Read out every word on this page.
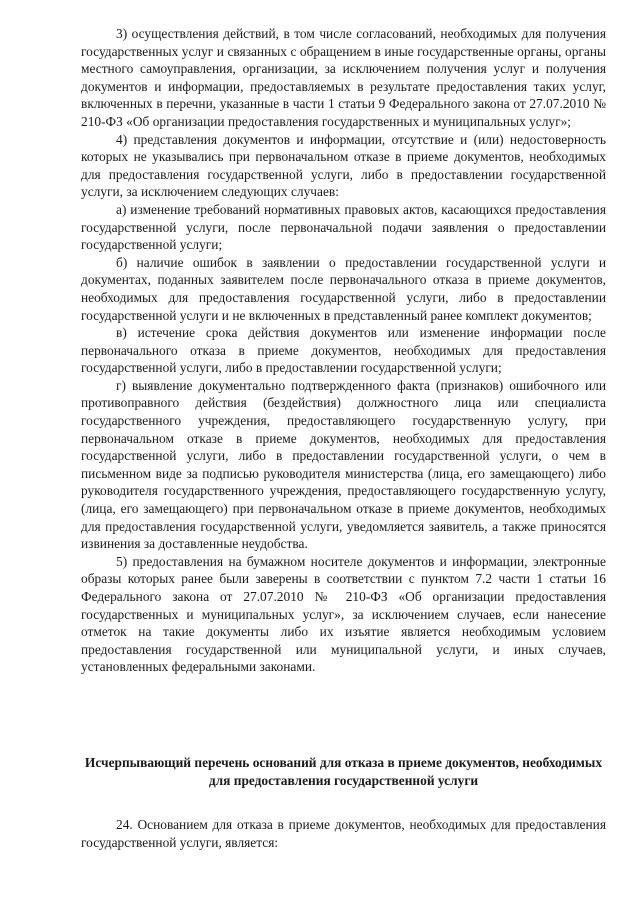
3) осуществления действий, в том числе согласований, необходимых для получения государственных услуг и связанных с обращением в иные государственные органы, органы местного самоуправления, организации, за исключением получения услуг и получения документов и информации, предоставляемых в результате предоставления таких услуг, включенных в перечни, указанные в части 1 статьи 9 Федерального закона от 27.07.2010 № 210-ФЗ «Об организации предоставления государственных и муниципальных услуг»;

4) представления документов и информации, отсутствие и (или) недостоверность которых не указывались при первоначальном отказе в приеме документов, необходимых для предоставления государственной услуги, либо в предоставлении государственной услуги, за исключением следующих случаев:

а) изменение требований нормативных правовых актов, касающихся предоставления государственной услуги, после первоначальной подачи заявления о предоставлении государственной услуги;

б) наличие ошибок в заявлении о предоставлении государственной услуги и документах, поданных заявителем после первоначального отказа в приеме документов, необходимых для предоставления государственной услуги, либо в предоставлении государственной услуги и не включенных в представленный ранее комплект документов;

в) истечение срока действия документов или изменение информации после первоначального отказа в приеме документов, необходимых для предоставления государственной услуги, либо в предоставлении государственной услуги;

г) выявление документально подтвержденного факта (признаков) ошибочного или противоправного действия (бездействия) должностного лица или специалиста государственного учреждения, предоставляющего государственную услугу, при первоначальном отказе в приеме документов, необходимых для предоставления государственной услуги, либо в предоставлении государственной услуги, о чем в письменном виде за подписью руководителя министерства (лица, его замещающего) либо руководителя государственного учреждения, предоставляющего государственную услугу, (лица, его замещающего) при первоначальном отказе в приеме документов, необходимых для предоставления государственной услуги, уведомляется заявитель, а также приносятся извинения за доставленные неудобства.

5) предоставления на бумажном носителе документов и информации, электронные образы которых ранее были заверены в соответствии с пунктом 7.2 части 1 статьи 16 Федерального закона от 27.07.2010 № 210-ФЗ «Об организации предоставления государственных и муниципальных услуг», за исключением случаев, если нанесение отметок на такие документы либо их изъятие является необходимым условием предоставления государственной или муниципальной услуги, и иных случаев, установленных федеральными законами.

Исчерпывающий перечень оснований для отказа в приеме документов, необходимых для предоставления государственной услуги

24. Основанием для отказа в приеме документов, необходимых для предоставления государственной услуги, является:
